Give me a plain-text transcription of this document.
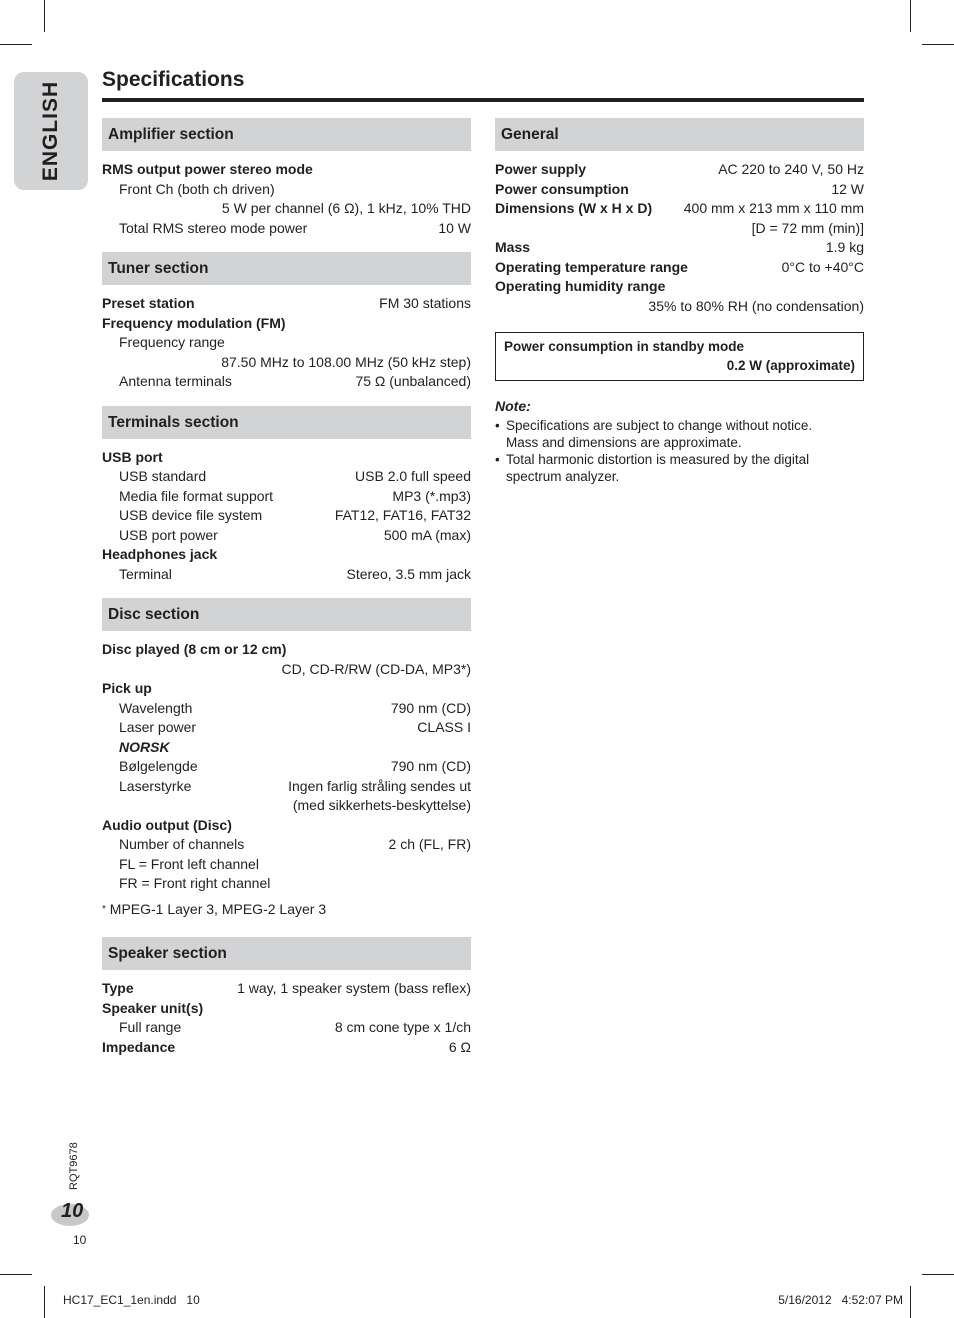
ENGLISH
Specifications
Amplifier section
RMS output power stereo mode
Front Ch (both ch driven)
5 W per channel (6 Ω), 1 kHz, 10% THD
Total RMS stereo mode power	10 W
Tuner section
Preset station	FM 30 stations
Frequency modulation (FM)
Frequency range
87.50 MHz to 108.00 MHz (50 kHz step)
Antenna terminals	75 Ω (unbalanced)
Terminals section
USB port
USB standard	USB 2.0 full speed
Media file format support	MP3 (*.mp3)
USB device file system	FAT12, FAT16, FAT32
USB port power	500 mA (max)
Headphones jack
Terminal	Stereo, 3.5 mm jack
Disc section
Disc played (8 cm or 12 cm)
CD, CD-R/RW (CD-DA, MP3*)
Pick up
Wavelength	790 nm (CD)
Laser power	CLASS I
NORSK
Bølgelengde	790 nm (CD)
Laserstyrke	Ingen farlig stråling sendes ut
(med sikkerhets-beskyttelse)
Audio output (Disc)
Number of channels	2 ch (FL, FR)
FL = Front left channel
FR = Front right channel
* MPEG-1 Layer 3, MPEG-2 Layer 3
Speaker section
Type	1 way, 1 speaker system (bass reflex)
Speaker unit(s)
Full range	8 cm cone type x 1/ch
Impedance	6 Ω
General
Power supply	AC 220 to 240 V, 50 Hz
Power consumption	12 W
Dimensions (W x H x D) 400 mm x 213 mm x 110 mm
[D = 72 mm (min)]
Mass	1.9 kg
Operating temperature range	0°C to +40°C
Operating humidity range
35% to 80% RH (no condensation)
Power consumption in standby mode
0.2 W (approximate)
Note:
• Specifications are subject to change without notice.
Mass and dimensions are approximate.
• Total harmonic distortion is measured by the digital
spectrum analyzer.
RQT9678
10
10
HC17_EC1_1en.indd   10	5/16/2012   4:52:07 PM
